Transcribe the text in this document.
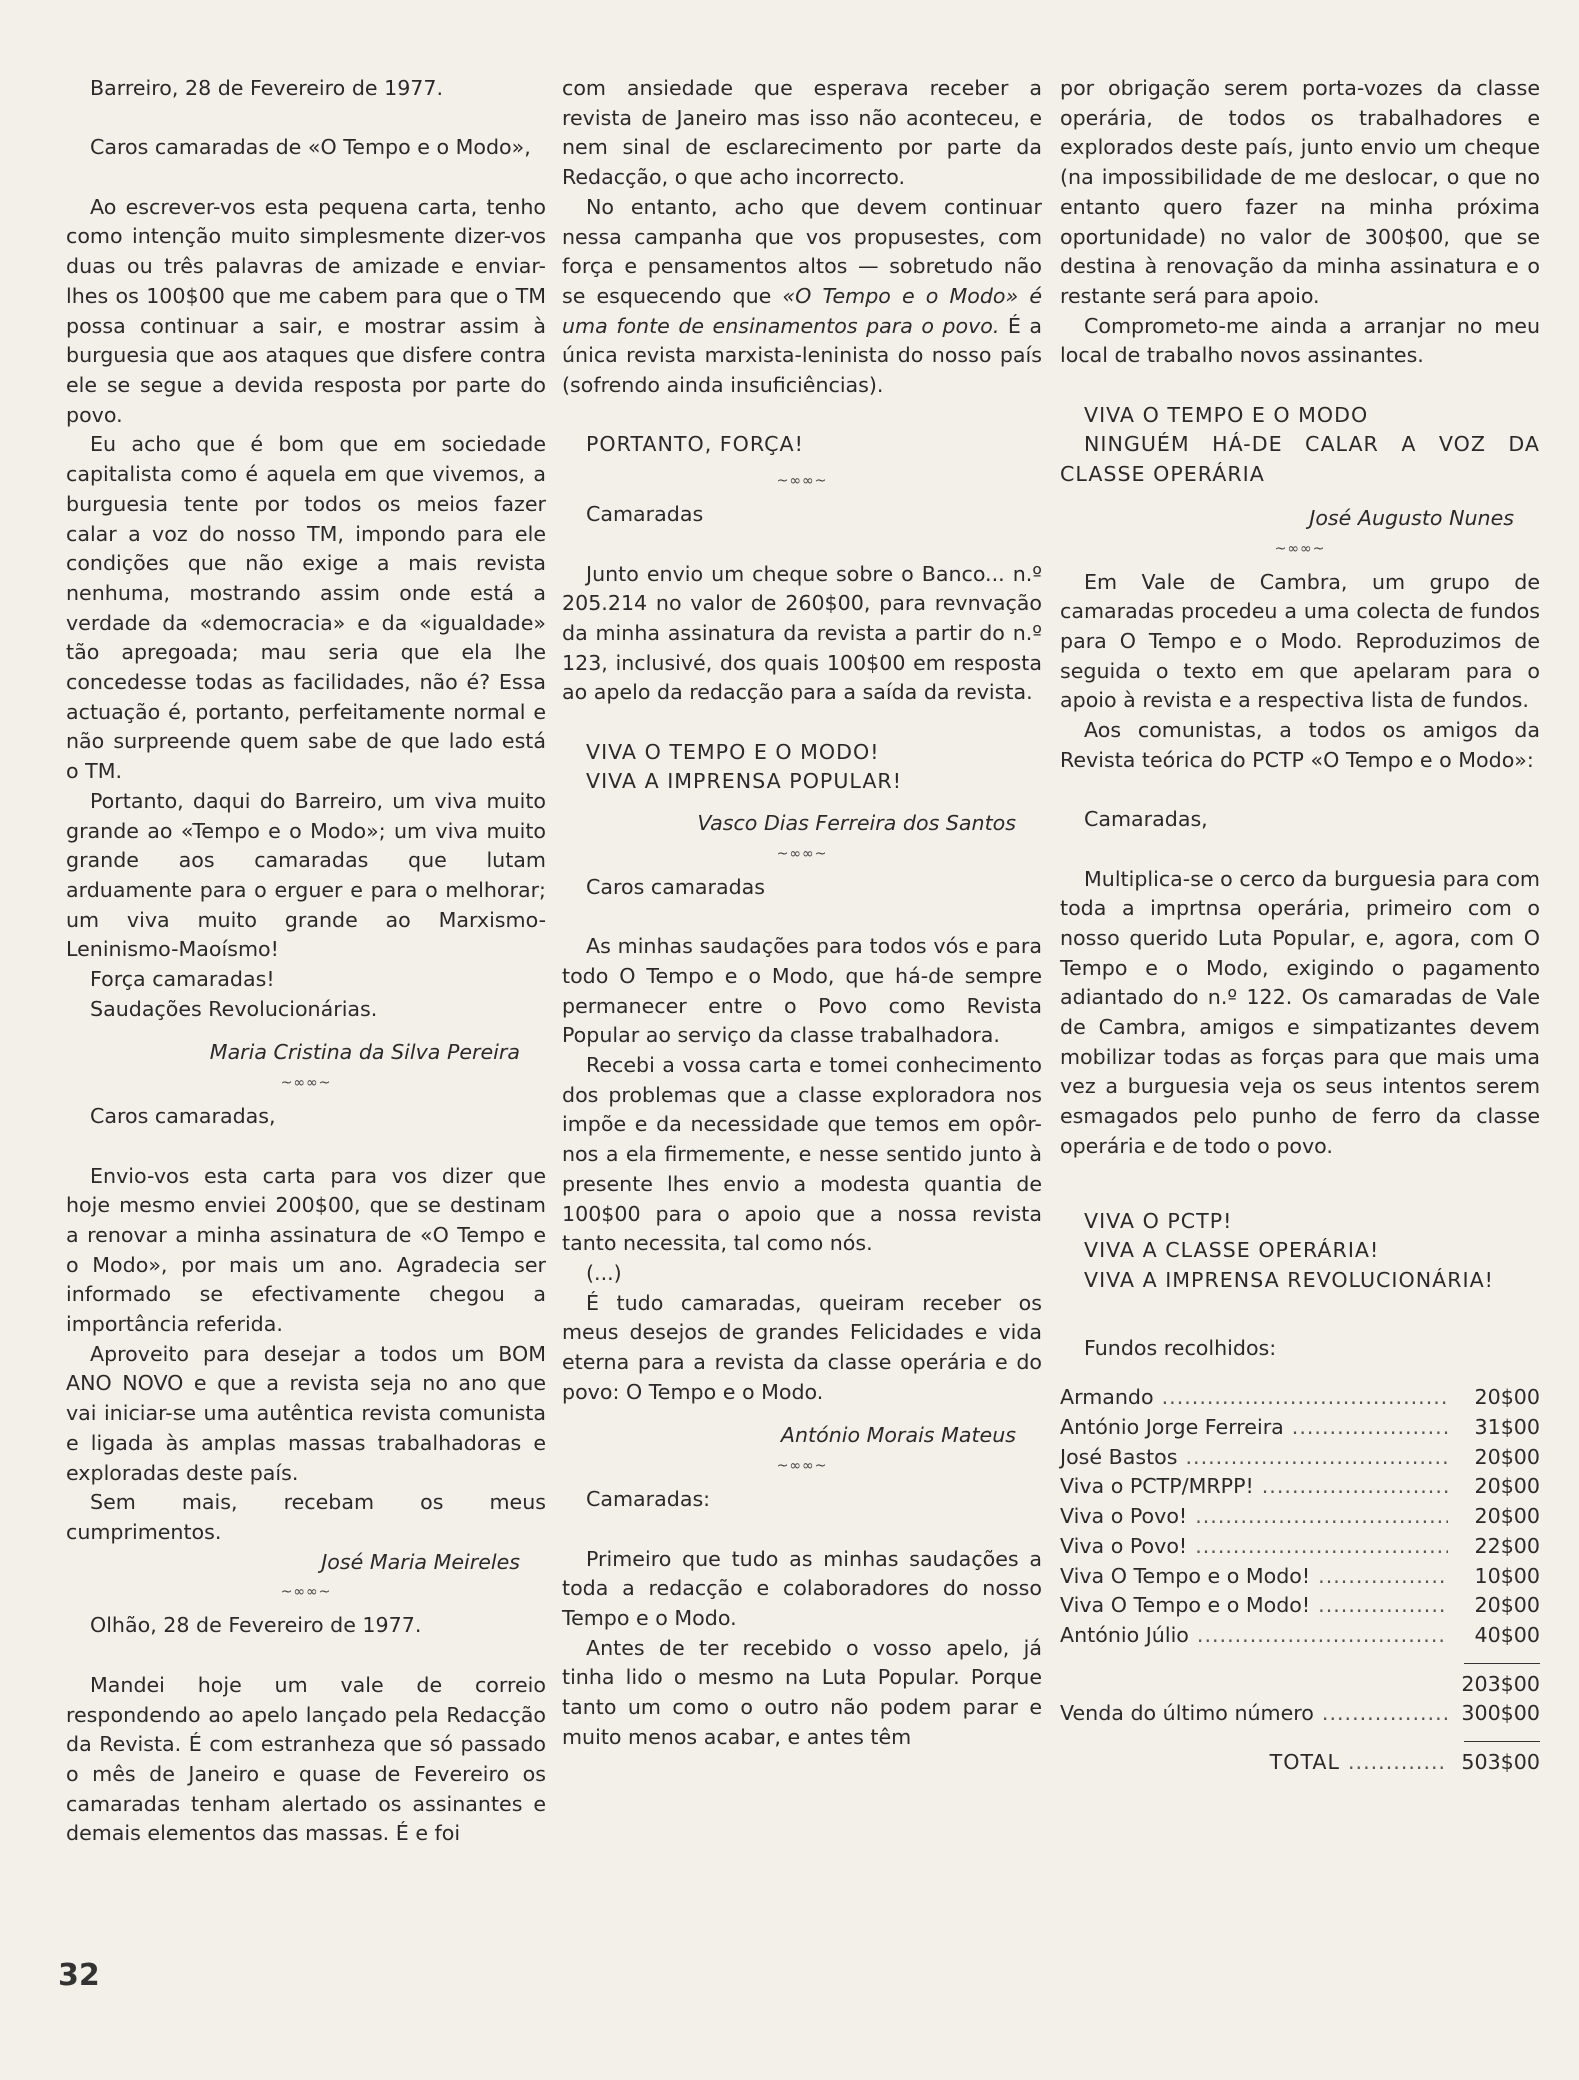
Barreiro, 28 de Fevereiro de 1977.

Caros camaradas de «O Tempo e o Modo»,

Ao escrever-vos esta pequena carta, tenho como intenção muito simplesmente dizer-vos duas ou três palavras de amizade e enviar-lhes os 100$00 que me cabem para que o TM possa continuar a sair, e mostrar assim à burguesia que aos ataques que disfere contra ele se segue a devida resposta por parte do povo.

Eu acho que é bom que em sociedade capitalista como é aquela em que vivemos, a burguesia tente por todos os meios fazer calar a voz do nosso TM, impondo para ele condições que não exige a mais revista nenhuma, mostrando assim onde está a verdade da «democracia» e da «igualdade» tão apregoada; mau seria que ela lhe concedesse todas as facilidades, não é? Essa actuação é, portanto, perfeitamente normal e não surpreende quem sabe de que lado está o TM.

Portanto, daqui do Barreiro, um viva muito grande ao «Tempo e o Modo»; um viva muito grande aos camaradas que lutam arduamente para o erguer e para o melhorar; um viva muito grande ao Marxismo-Leninismo-Maoísmo!

Força camaradas!

Saudações Revolucionárias.

Maria Cristina da Silva Pereira

~∞∞~

Caros camaradas,

Envio-vos esta carta para vos dizer que hoje mesmo enviei 200$00, que se destinam a renovar a minha assinatura de «O Tempo e o Modo», por mais um ano. Agradecia ser informado se efectivamente chegou a importância referida.

Aproveito para desejar a todos um BOM ANO NOVO e que a revista seja no ano que vai iniciar-se uma autêntica revista comunista e ligada às amplas massas trabalhadoras e exploradas deste país.

Sem mais, recebam os meus cumprimentos.

José Maria Meireles

~∞∞~

Olhão, 28 de Fevereiro de 1977.

Mandei hoje um vale de correio respondendo ao apelo lançado pela Redacção da Revista. É com estranheza que só passado o mês de Janeiro e quase de Fevereiro os camaradas tenham alertado os assinantes e demais elementos das massas. É e foi

com ansiedade que esperava receber a revista de Janeiro mas isso não aconteceu, e nem sinal de esclarecimento por parte da Redacção, o que acho incorrecto.

No entanto, acho que devem continuar nessa campanha que vos propusestes, com força e pensamentos altos — sobretudo não se esquecendo que «O Tempo e o Modo» é uma fonte de ensinamentos para o povo. É a única revista marxista-leninista do nosso país (sofrendo ainda insuficiências).

PORTANTO, FORÇA!

~∞∞~

Camaradas

Junto envio um cheque sobre o Banco... n.º 205.214 no valor de 260$00, para revnvação da minha assinatura da revista a partir do n.º 123, inclusivé, dos quais 100$00 em resposta ao apelo da redacção para a saída da revista.

VIVA O TEMPO E O MODO!

VIVA A IMPRENSA POPULAR!

Vasco Dias Ferreira dos Santos

~∞∞~

Caros camaradas

As minhas saudações para todos vós e para todo O Tempo e o Modo, que há-de sempre permanecer entre o Povo como Revista Popular ao serviço da classe trabalhadora.

Recebi a vossa carta e tomei conhecimento dos problemas que a classe exploradora nos impõe e da necessidade que temos em opôr-nos a ela firmemente, e nesse sentido junto à presente lhes envio a modesta quantia de 100$00 para o apoio que a nossa revista tanto necessita, tal como nós.

(...)

É tudo camaradas, queiram receber os meus desejos de grandes Felicidades e vida eterna para a revista da classe operária e do povo: O Tempo e o Modo.

António Morais Mateus

~∞∞~

Camaradas:

Primeiro que tudo as minhas saudações a toda a redacção e colaboradores do nosso Tempo e o Modo.

Antes de ter recebido o vosso apelo, já tinha lido o mesmo na Luta Popular. Porque tanto um como o outro não podem parar e muito menos acabar, e antes têm

por obrigação serem porta-vozes da classe operária, de todos os trabalhadores e explorados deste país, junto envio um cheque (na impossibilidade de me deslocar, o que no entanto quero fazer na minha próxima oportunidade) no valor de 300$00, que se destina à renovação da minha assinatura e o restante será para apoio.

Comprometo-me ainda a arranjar no meu local de trabalho novos assinantes.

VIVA O TEMPO E O MODO

NINGUÉM HÁ-DE CALAR A VOZ DA CLASSE OPERÁRIA

José Augusto Nunes

~∞∞~

Em Vale de Cambra, um grupo de camaradas procedeu a uma colecta de fundos para O Tempo e o Modo. Reproduzimos de seguida o texto em que apelaram para o apoio à revista e a respectiva lista de fundos.

Aos comunistas, a todos os amigos da Revista teórica do PCTP «O Tempo e o Modo»:

Camaradas,

Multiplica-se o cerco da burguesia para com toda a imprtnsa operária, primeiro com o nosso querido Luta Popular, e, agora, com O Tempo e o Modo, exigindo o pagamento adiantado do n.º 122. Os camaradas de Vale de Cambra, amigos e simpatizantes devem mobilizar todas as forças para que mais uma vez a burguesia veja os seus intentos serem esmagados pelo punho de ferro da classe operária e de todo o povo.

VIVA O PCTP!

VIVA A CLASSE OPERÁRIA!

VIVA A IMPRENSA REVOLUCIONÁRIA!

Fundos recolhidos:

Armando .....	20$00
António Jorge Ferreira .....	31$00
José Bastos .....	20$00
Viva o PCTP/MRPP! .....	20$00
Viva o Povo! .....	20$00
Viva o Povo! .....	22$00
Viva O Tempo e o Modo! .....	10$00
Viva O Tempo e o Modo! .....	20$00
António Júlio .....	40$00
203$00
Venda do último número .....	300$00
TOTAL .....	503$00
32
